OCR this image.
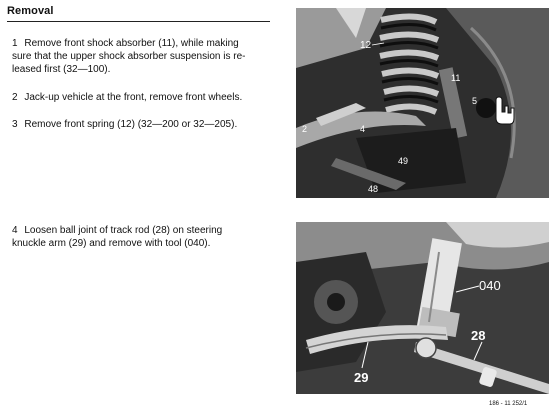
Removal
1 Remove front shock absorber (11), while making
sure that the upper shock absorber suspension is re-
leased first (32—100).
2 Jack-up vehicle at the front, remove front wheels.
3 Remove front spring (12) (32—200 or 32—205).
4 Loosen ball joint of track rod (28) on steering
knuckle arm (29) and remove with tool (040).
12
11
5
2	4
49
48
040
28
29
186 - 11 252/1
